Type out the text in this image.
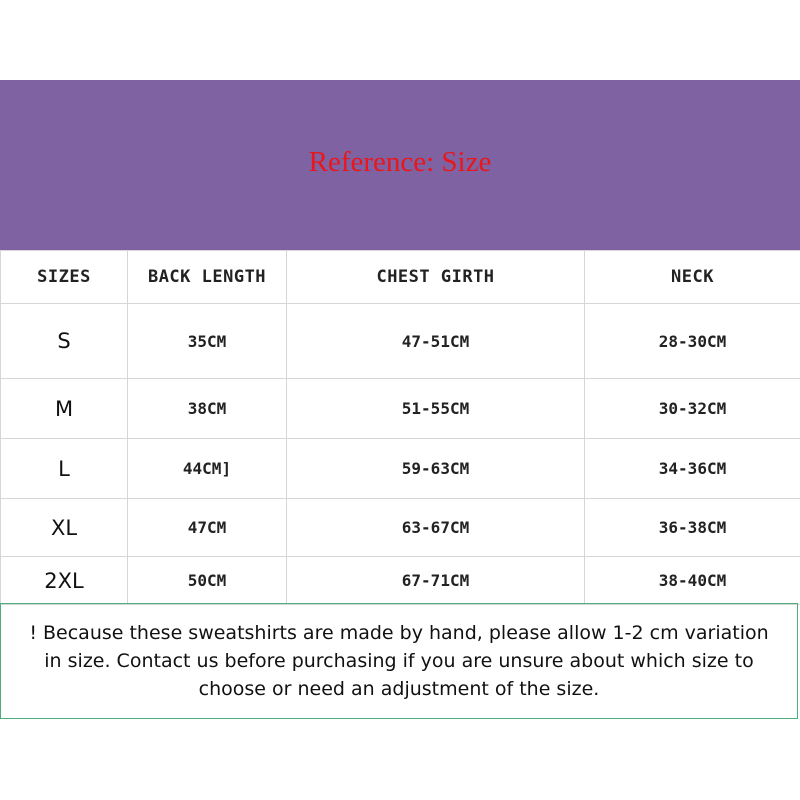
Reference: Size
SIZES	BACK LENGTH	CHEST GIRTH	NECK
S	35CM	47-51CM	28-30CM
M	38CM	51-55CM	30-32CM
L	44CM]	59-63CM	34-36CM
XL	47CM	63-67CM	36-38CM
2XL	50CM	67-71CM	38-40CM
! Because these sweatshirts are made by hand, please allow 1-2 cm variation in size. Contact us before purchasing if you are unsure about which size to choose or need an adjustment of the size.
